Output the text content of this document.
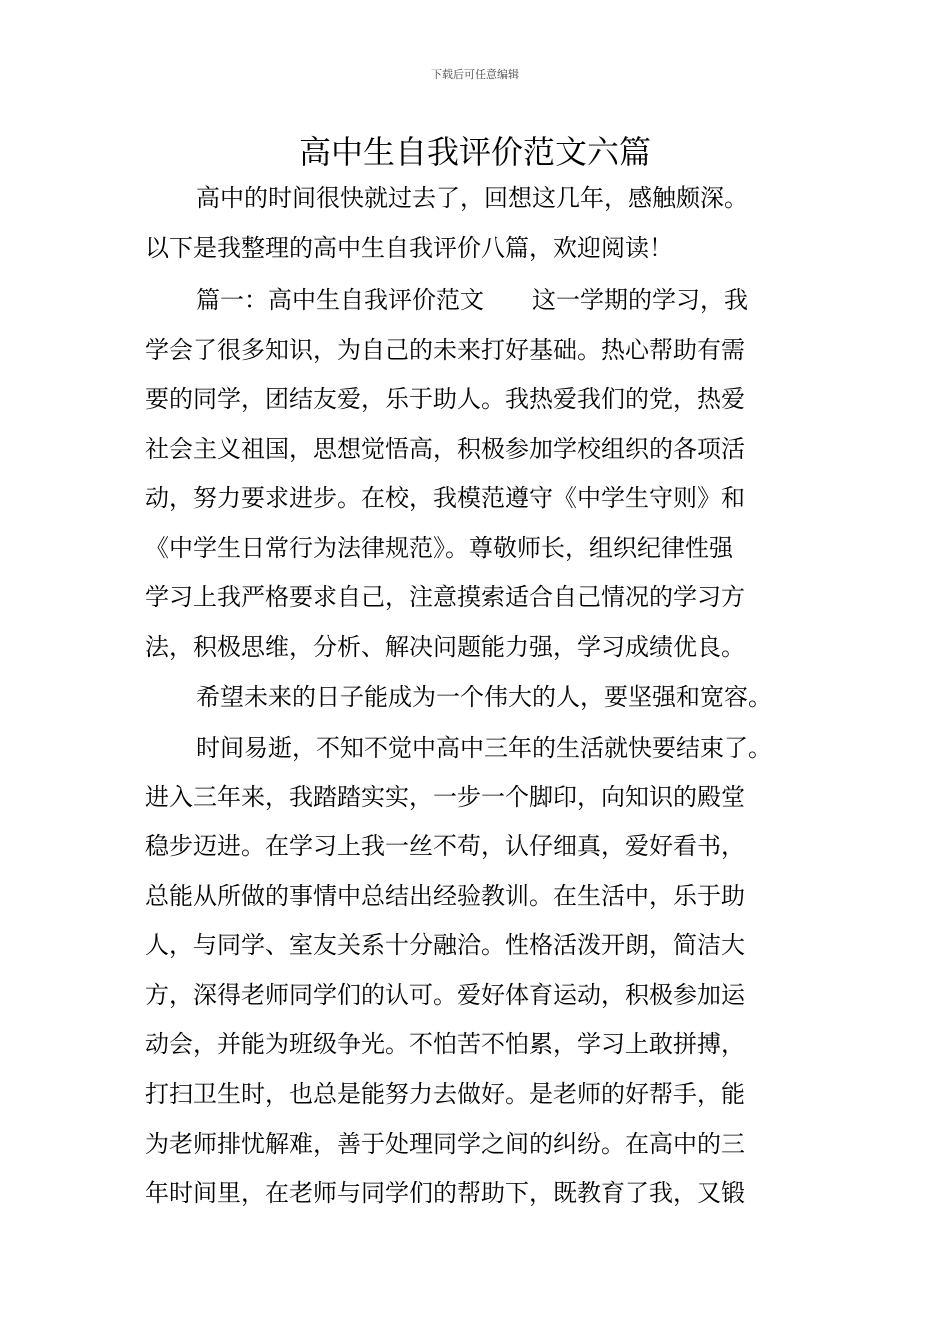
下载后可任意编辑
高中生自我评价范文六篇
高中的时间很快就过去了，回想这几年，感触颇深。
以下是我整理的高中生自我评价八篇，欢迎阅读！
篇一：高中生自我评价范文　　这一学期的学习，我
学会了很多知识，为自己的未来打好基础。热心帮助有需
要的同学，团结友爱，乐于助人。我热爱我们的党，热爱
社会主义祖国，思想觉悟高，积极参加学校组织的各项活
动，努力要求进步。在校，我模范遵守《中学生守则》和
《中学生日常行为法律规范》。尊敬师长，组织纪律性强
学习上我严格要求自己，注意摸索适合自己情况的学习方
法，积极思维，分析、解决问题能力强，学习成绩优良。
希望未来的日子能成为一个伟大的人，要坚强和宽容。
时间易逝，不知不觉中高中三年的生活就快要结束了。
进入三年来，我踏踏实实，一步一个脚印，向知识的殿堂
稳步迈进。在学习上我一丝不苟，认仔细真，爱好看书，
总能从所做的事情中总结出经验教训。在生活中，乐于助
人，与同学、室友关系十分融洽。性格活泼开朗，简洁大
方，深得老师同学们的认可。爱好体育运动，积极参加运
动会，并能为班级争光。不怕苦不怕累，学习上敢拼搏，
打扫卫生时，也总是能努力去做好。是老师的好帮手，能
为老师排忧解难，善于处理同学之间的纠纷。在高中的三
年时间里，在老师与同学们的帮助下，既教育了我，又锻
